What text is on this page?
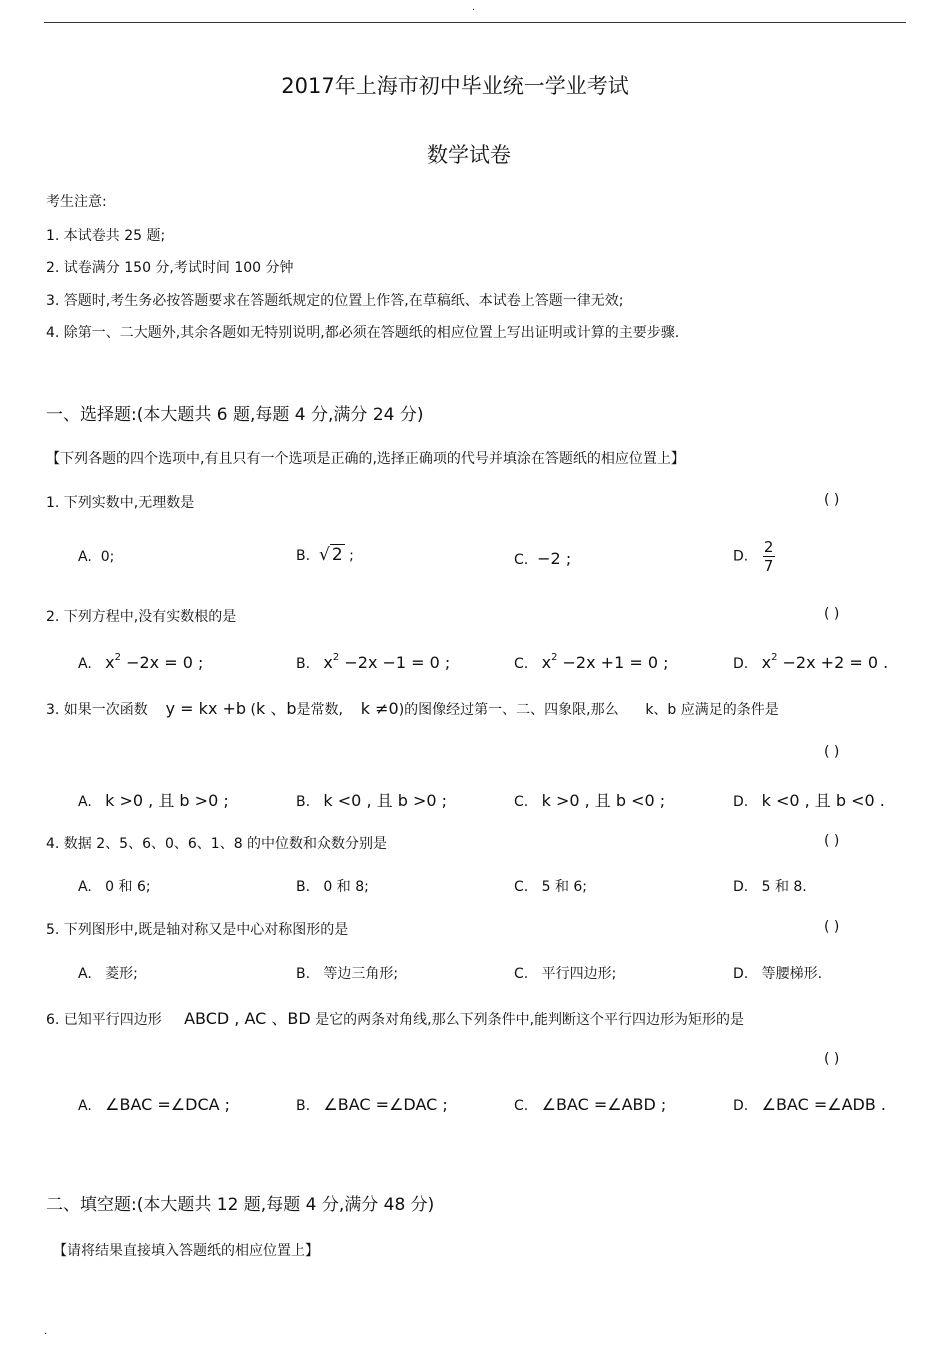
.
2017年上海市初中毕业统一学业考试
数学试卷
考生注意:
1. 本试卷共 25 题;
2. 试卷满分 150 分,考试时间 100 分钟
3. 答题时,考生务必按答题要求在答题纸规定的位置上作答,在草稿纸、本试卷上答题一律无效;
4. 除第一、二大题外,其余各题如无特别说明,都必须在答题纸的相应位置上写出证明或计算的主要步骤.
一、选择题:(本大题共 6 题,每题 4 分,满分 24 分)
【下列各题的四个选项中,有且只有一个选项是正确的,选择正确项的代号并填涂在答题纸的相应位置上】
1. 下列实数中,无理数是	( )
A. 0;	B. √ 2 ;	C. −2 ;	D. $\frac{2}{7}$
2. 下列方程中,没有实数根的是	( )
A. $x^2 -2x = 0$ ;	B. $x^2 -2x -1 = 0$ ;	C. $x^2 -2x +1 = 0$ ;	D. $x^2 -2x +2 = 0$ .
3. 如果一次函数 y = kx +b (k 、b是常数, k ≠0)的图像经过第一、二、四象限,那么 k、b 应满足的条件是
( )
A. k >0 , 且 b >0 ;	B. k <0 , 且 b >0 ;	C. k >0 , 且 b <0 ;	D. k <0 , 且 b <0 .
4. 数据 2、5、6、0、6、1、8 的中位数和众数分别是	( )
A. 0 和 6;	B. 0 和 8;	C. 5 和 6;	D. 5 和 8.
5. 下列图形中,既是轴对称又是中心对称图形的是	( )
A. 菱形;	B. 等边三角形;	C. 平行四边形;	D. 等腰梯形.
6. 已知平行四边形 ABCD , AC 、BD 是它的两条对角线,那么下列条件中,能判断这个平行四边形为矩形的是
( )
A. ∠BAC =∠DCA ;	B. ∠BAC =∠DAC ;	C. ∠BAC =∠ABD ;	D. ∠BAC =∠ADB .
二、填空题:(本大题共 12 题,每题 4 分,满分 48 分)
【请将结果直接填入答题纸的相应位置上】
.
